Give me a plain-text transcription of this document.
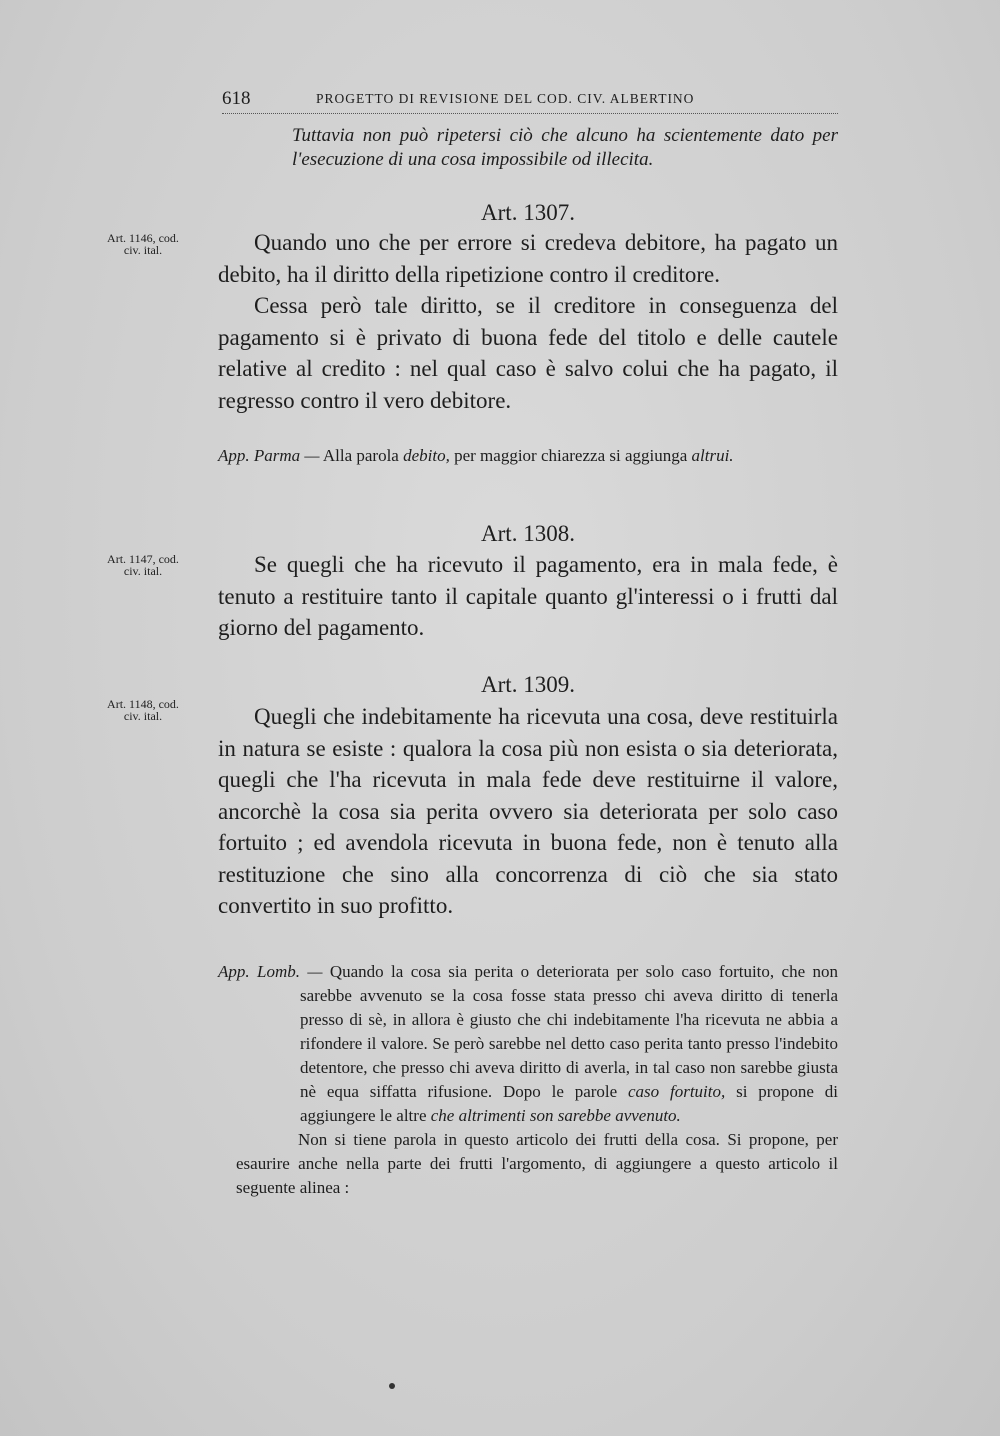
618	PROGETTO DI REVISIONE DEL COD. CIV. ALBERTINO
Tuttavia non può ripetersi ciò che alcuno ha scientemente dato per l'esecuzione di una cosa impossibile od illecita.
Art. 1307.
Art. 1146, cod.
civ. ital.	Quando uno che per errore si credeva debitore, ha pagato un debito, ha il diritto della ripetizione contro il creditore.

Cessa però tale diritto, se il creditore in conseguenza del pagamento si è privato di buona fede del titolo e delle cautele relative al credito : nel qual caso è salvo colui che ha pagato, il regresso contro il vero debitore.

App. Parma — Alla parola debito, per maggior chiarezza si aggiunga altrui.

Art. 1308.
Art. 1147, cod.
civ. ital.	Se quegli che ha ricevuto il pagamento, era in mala fede, è tenuto a restituire tanto il capitale quanto gl'interessi o i frutti dal giorno del pagamento.

Art. 1309.
Art. 1148, cod.
civ. ital.	Quegli che indebitamente ha ricevuta una cosa, deve restituirla in natura se esiste : qualora la cosa più non esista o sia deteriorata, quegli che l'ha ricevuta in mala fede deve restituirne il valore, ancorchè la cosa sia perita ovvero sia deteriorata per solo caso fortuito ; ed avendola ricevuta in buona fede, non è tenuto alla restituzione che sino alla concorrenza di ciò che sia stato convertito in suo profitto.

App. Lomb. — Quando la cosa sia perita o deteriorata per solo caso fortuito, che non sarebbe avvenuto se la cosa fosse stata presso chi aveva diritto di tenerla presso di sè, in allora è giusto che chi indebitamente l'ha ricevuta ne abbia a rifondere il valore. Se però sarebbe nel detto caso perita tanto presso l'indebito detentore, che presso chi aveva diritto di averla, in tal caso non sarebbe giusta nè equa siffatta rifusione. Dopo le parole caso fortuito, si propone di aggiungere le altre che altrimenti son sarebbe avvenuto.

Non si tiene parola in questo articolo dei frutti della cosa. Si propone, per esaurire anche nella parte dei frutti l'argomento, di aggiungere a questo articolo il seguente alinea :
